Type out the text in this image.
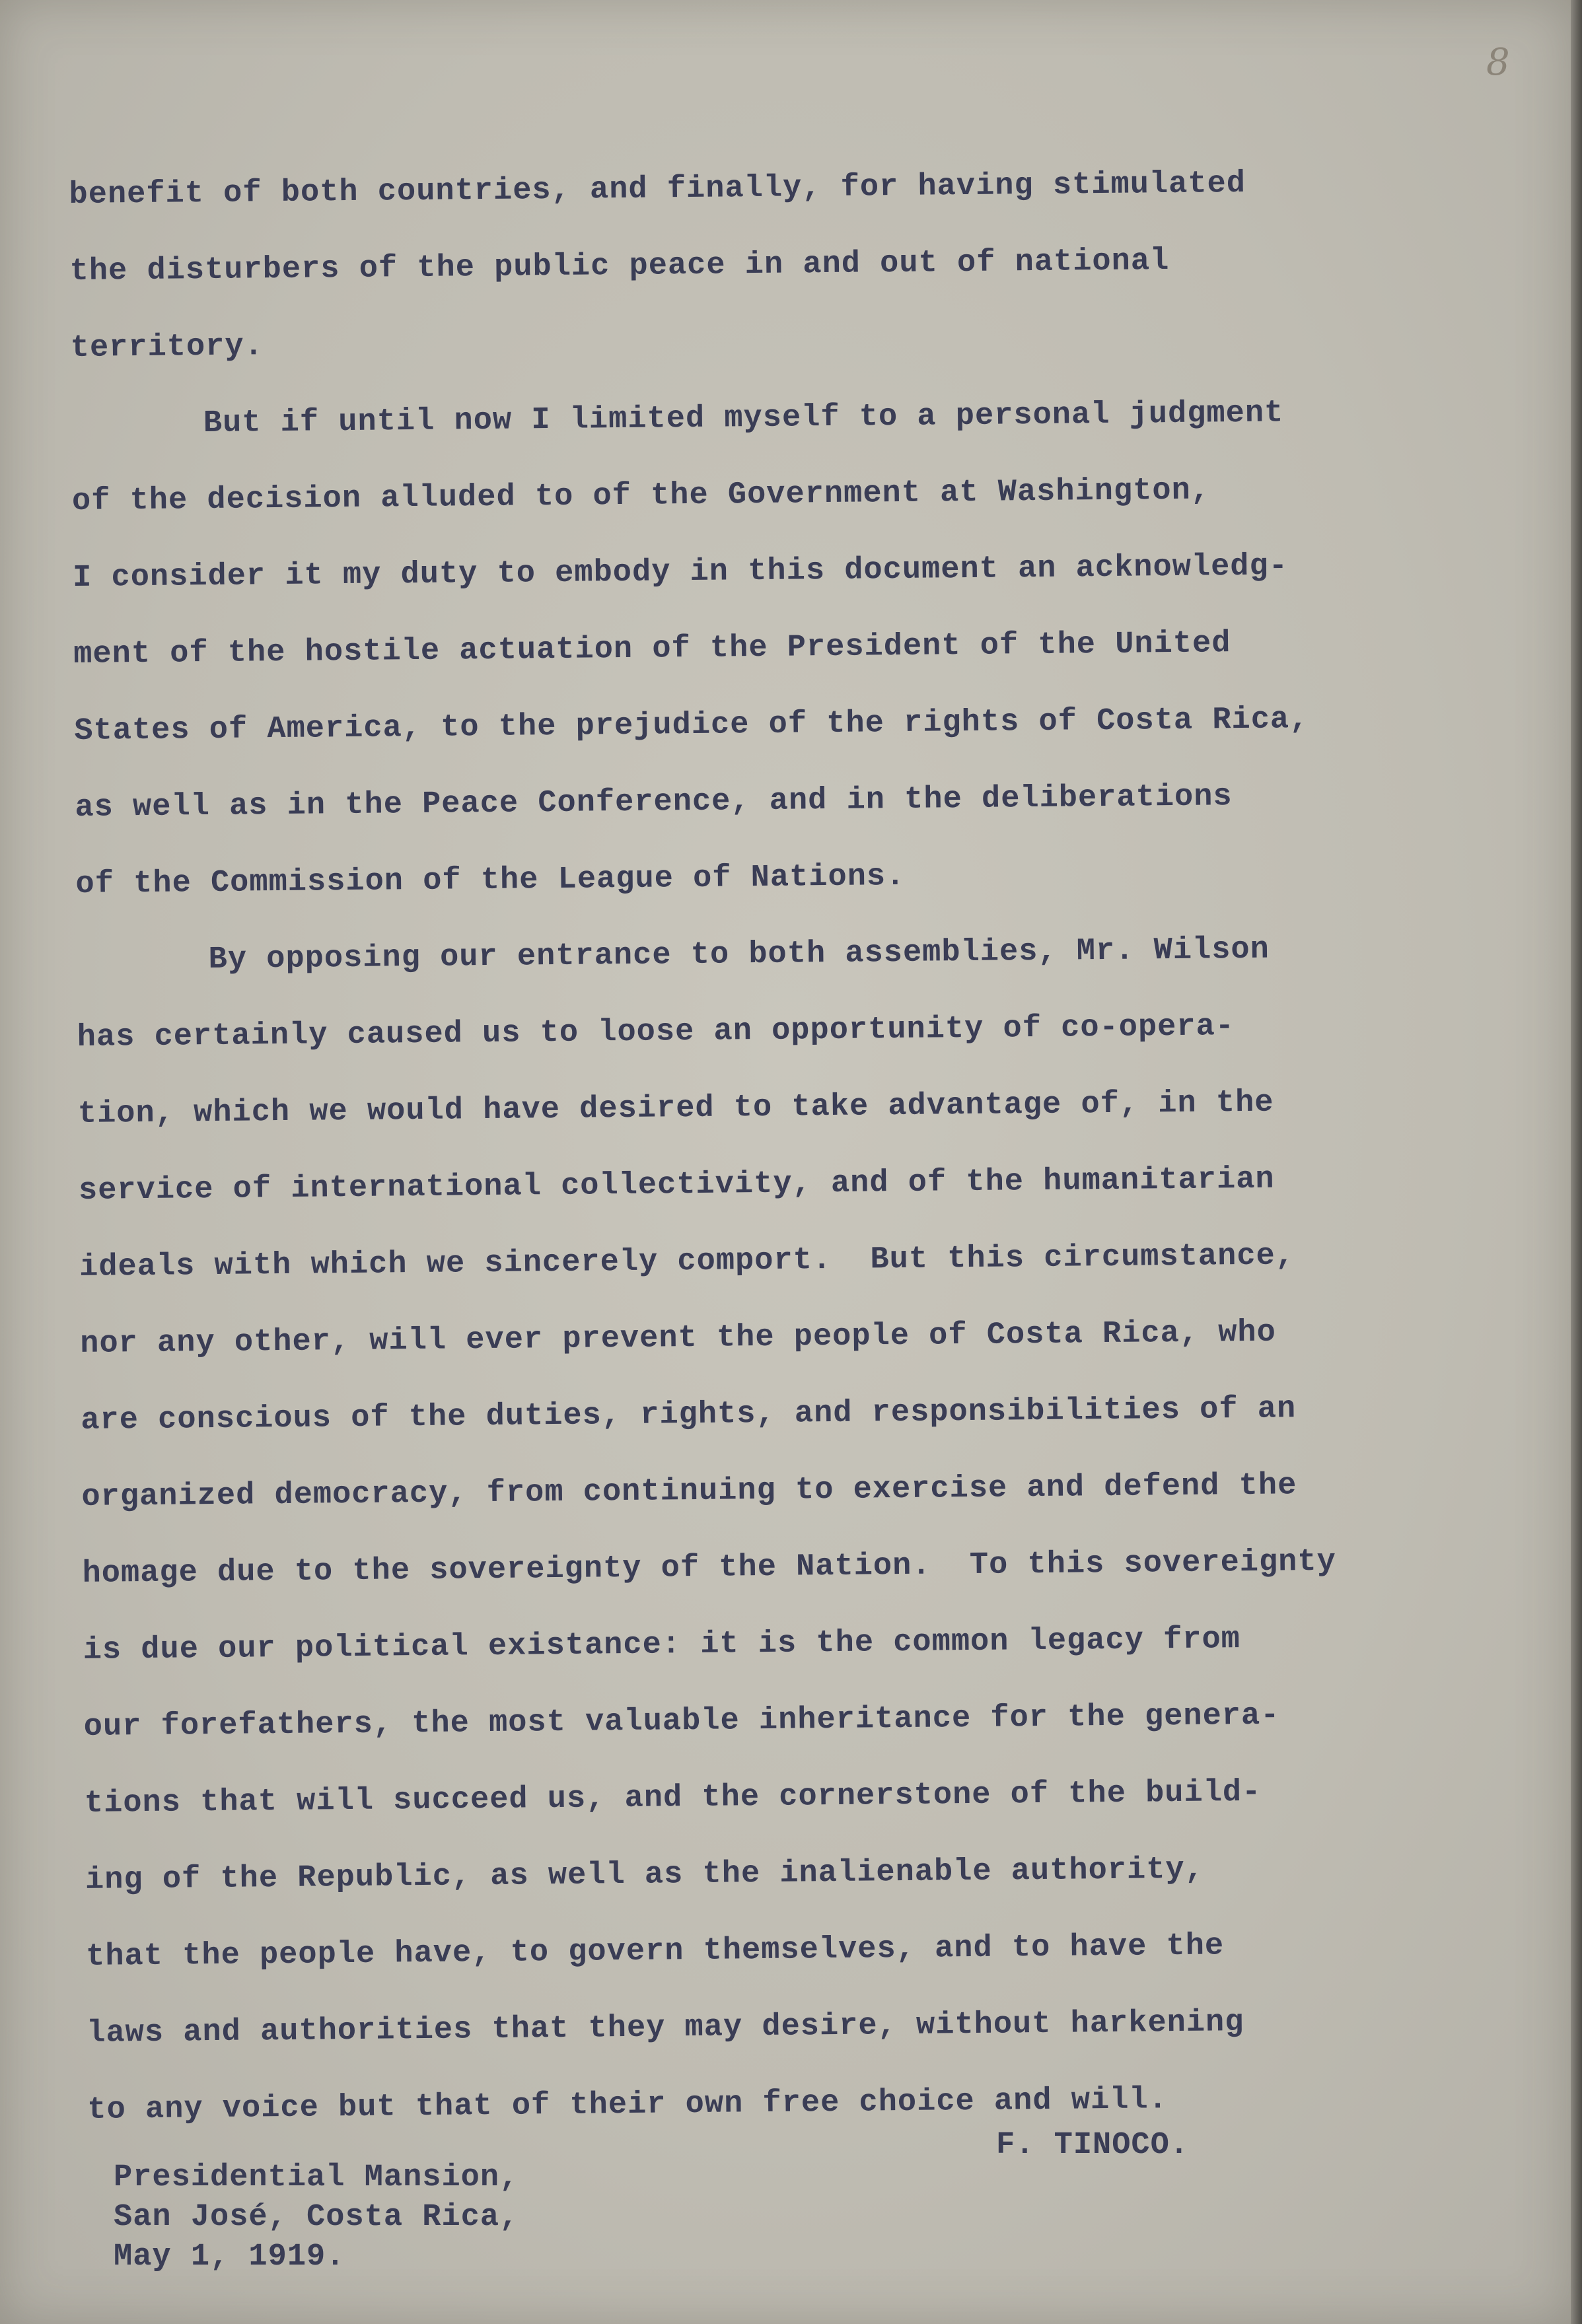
8
benefit of both countries, and finally, for having stimulated
the disturbers of the public peace in and out of national
territory.
But if until now I limited myself to a personal judgment
of the decision alluded to of the Government at Washington,
I consider it my duty to embody in this document an acknowledg-
ment of the hostile actuation of the President of the United
States of America, to the prejudice of the rights of Costa Rica,
as well as in the Peace Conference, and in the deliberations
of the Commission of the League of Nations.
By opposing our entrance to both assemblies, Mr. Wilson
has certainly caused us to loose an opportunity of co-opera-
tion, which we would have desired to take advantage of, in the
service of international collectivity, and of the humanitarian
ideals with which we sincerely comport.  But this circumstance,
nor any other, will ever prevent the people of Costa Rica, who
are conscious of the duties, rights, and responsibilities of an
organized democracy, from continuing to exercise and defend the
homage due to the sovereignty of the Nation.  To this sovereignty
is due our political existance: it is the common legacy from
our forefathers, the most valuable inheritance for the genera-
tions that will succeed us, and the cornerstone of the build-
ing of the Republic, as well as the inalienable authority,
that the people have, to govern themselves, and to have the
laws and authorities that they may desire, without harkening
to any voice but that of their own free choice and will.
F. TINOCO.
Presidential Mansion,
San José, Costa Rica,
May 1, 1919.
